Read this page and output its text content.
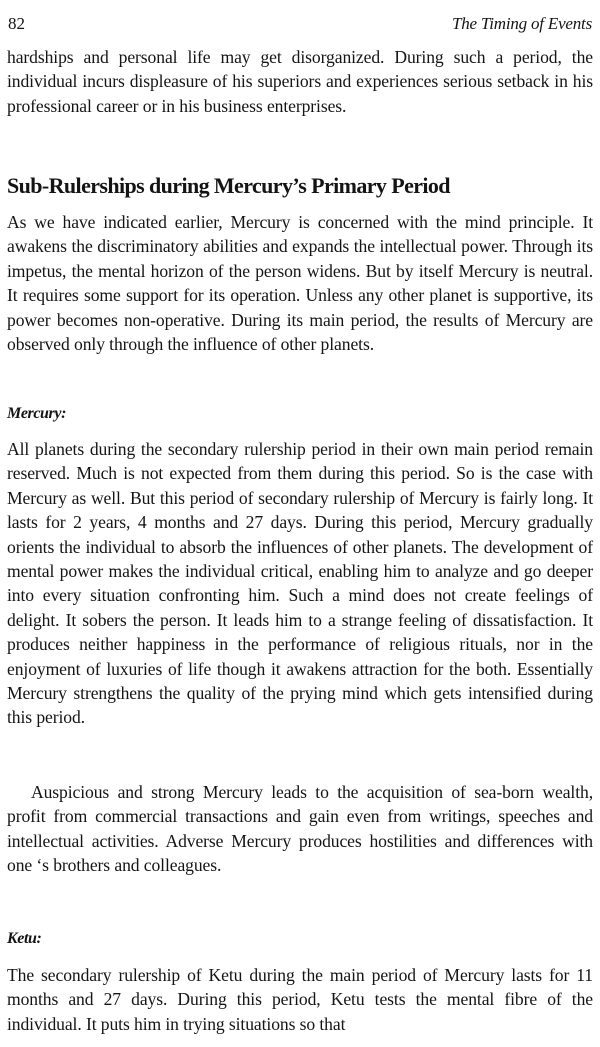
82	The Timing of Events

hardships and personal life may get disorganized. During such a period, the individual incurs displeasure of his superiors and experiences serious setback in his professional career or in his business enterprises.

Sub-Rulerships during Mercury’s Primary Period

As we have indicated earlier, Mercury is concerned with the mind principle. It awakens the discriminatory abilities and expands the intellectual power. Through its impetus, the mental horizon of the person widens. But by itself Mercury is neutral. It requires some support for its operation. Unless any other planet is supportive, its power becomes non-operative. During its main period, the results of Mercury are observed only through the influence of other planets.

Mercury:

All planets during the secondary rulership period in their own main period remain reserved. Much is not expected from them during this period. So is the case with Mercury as well. But this period of secondary rulership of Mercury is fairly long. It lasts for 2 years, 4 months and 27 days. During this period, Mercury gradually orients the individual to absorb the influences of other planets. The development of mental power makes the individual critical, enabling him to analyze and go deeper into every situation confronting him. Such a mind does not create feelings of delight. It sobers the person. It leads him to a strange feeling of dissatisfaction. It produces neither happiness in the performance of religious rituals, nor in the enjoyment of luxuries of life though it awakens attraction for the both. Essentially Mercury strengthens the quality of the prying mind which gets intensified during this period.

Auspicious and strong Mercury leads to the acquisition of sea-born wealth, profit from commercial transactions and gain even from writings, speeches and intellectual activities. Adverse Mercury produces hostilities and differences with one ‘s brothers and colleagues.

Ketu:

The secondary rulership of Ketu during the main period of Mercury lasts for 11 months and 27 days. During this period, Ketu tests the mental fibre of the individual. It puts him in trying situations so that
